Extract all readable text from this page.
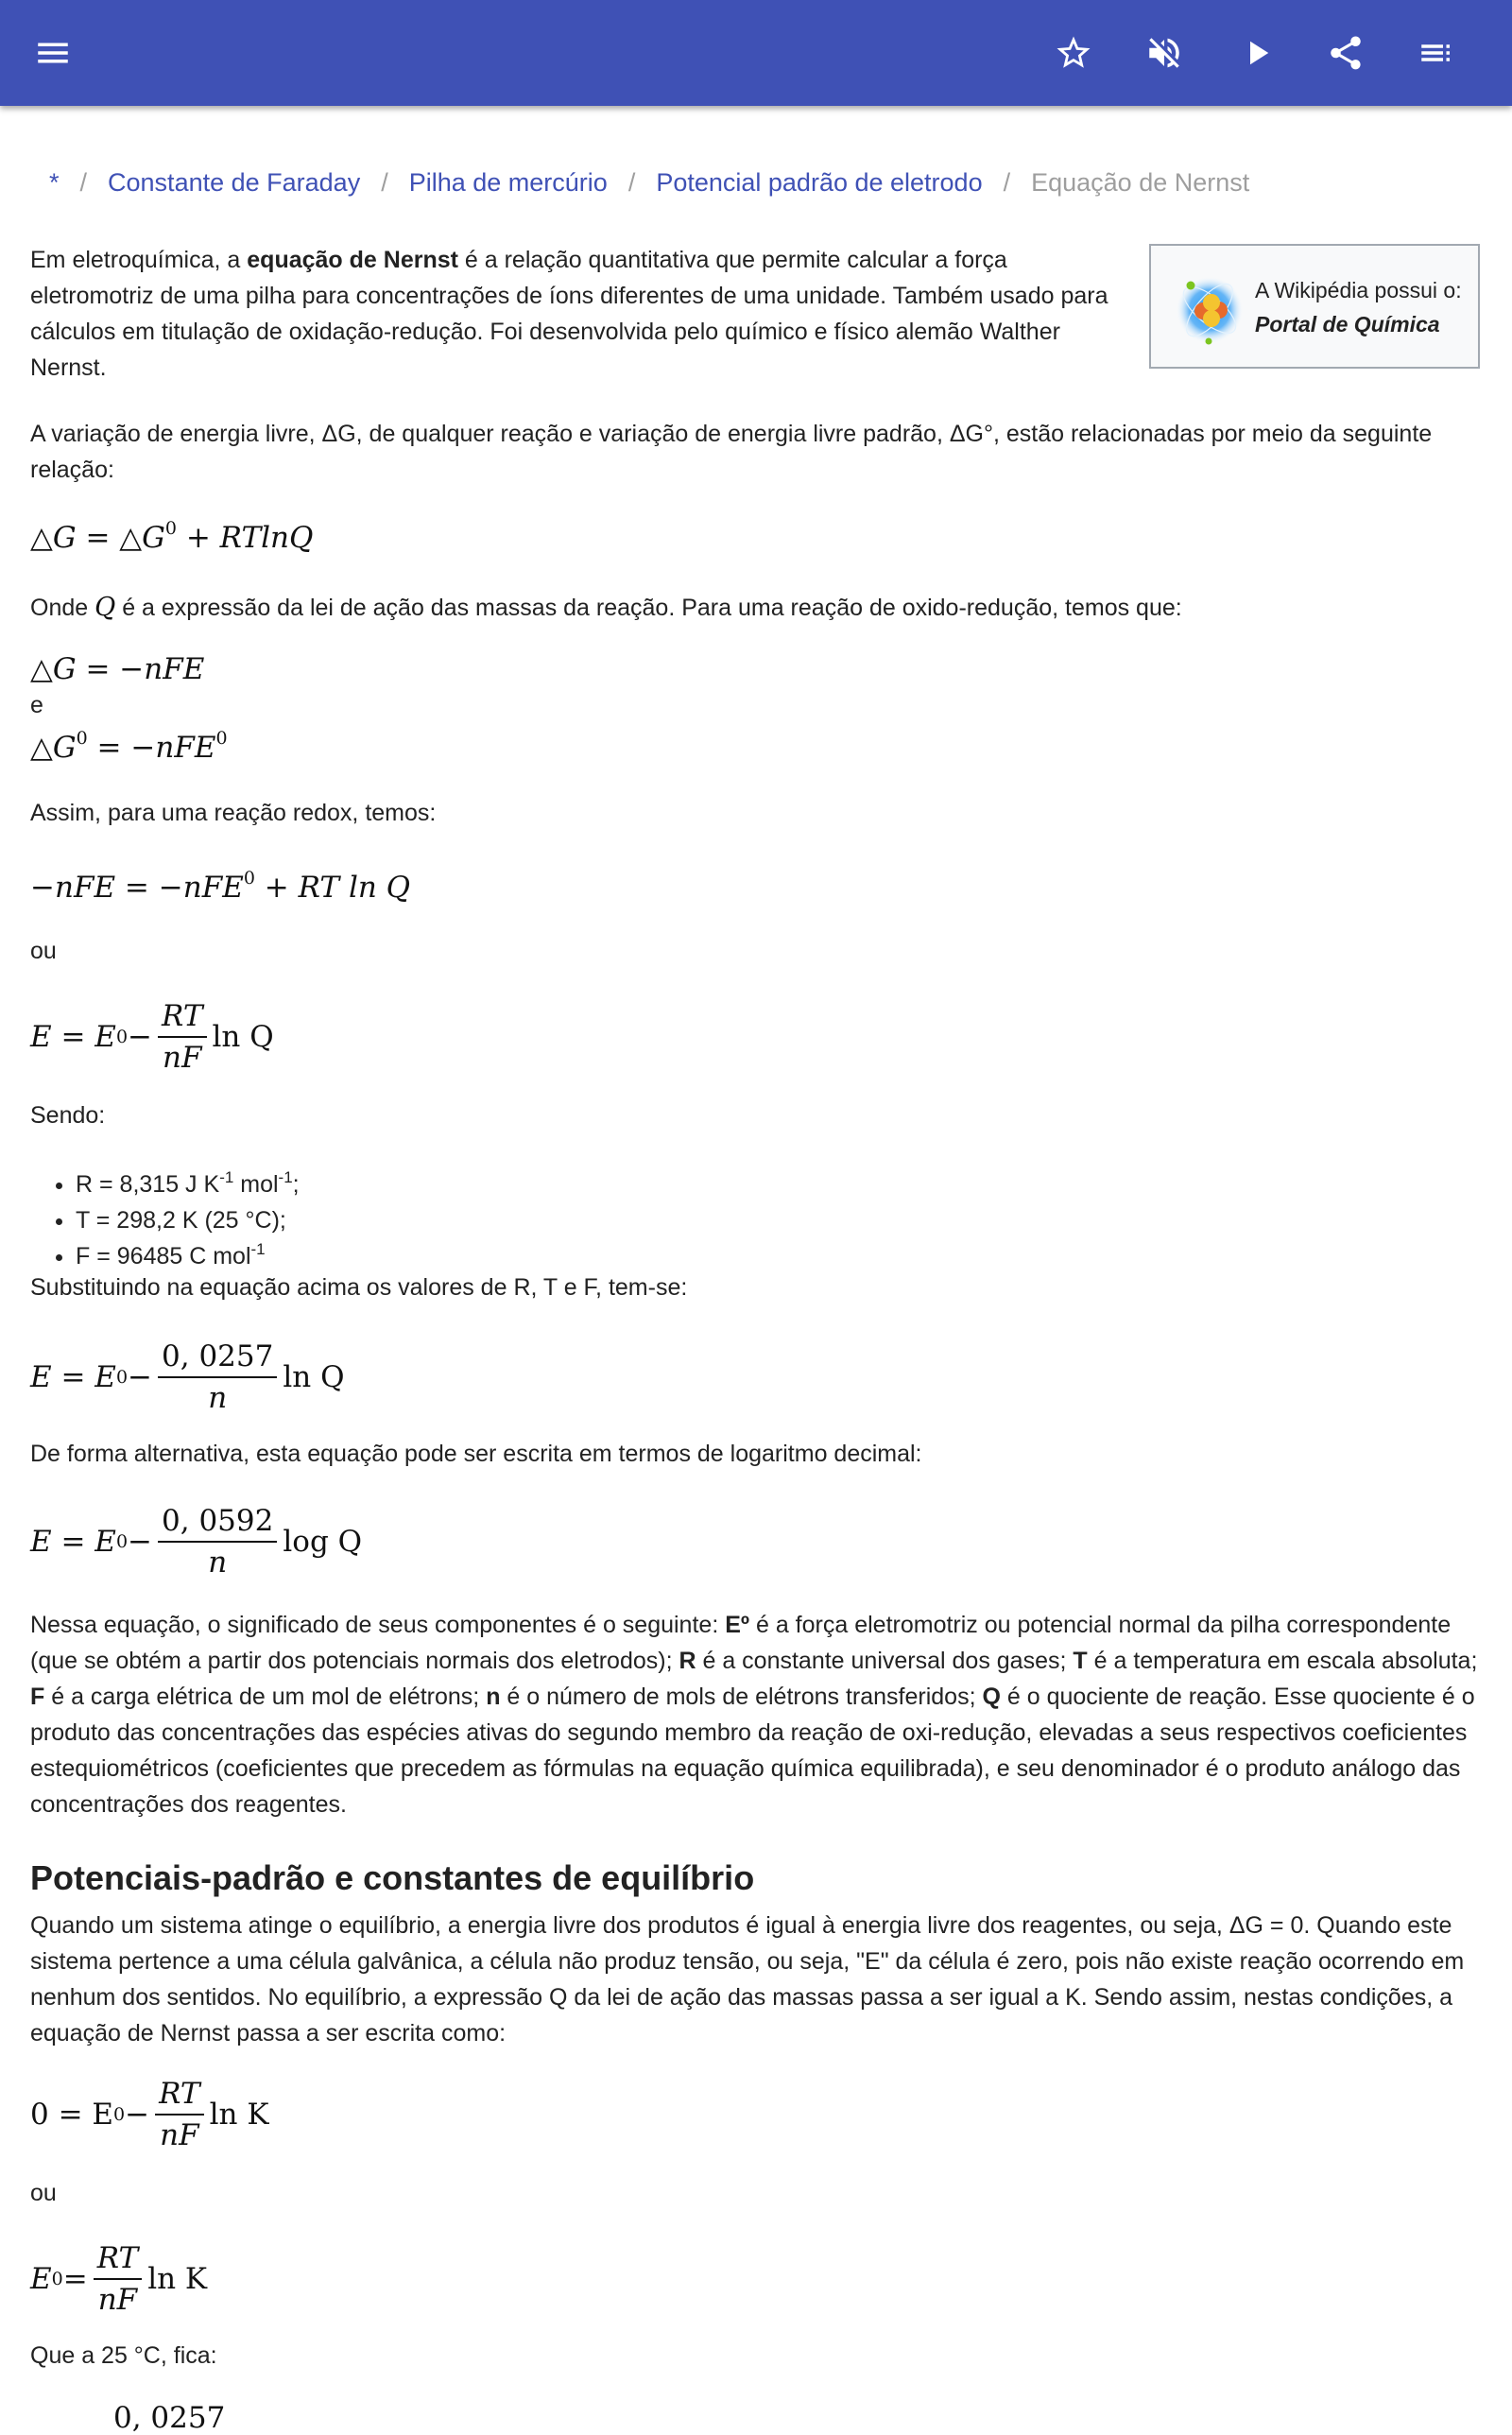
* / Constante de Faraday / Pilha de mercúrio / Potencial padrão de eletrodo / Equação de Nernst
A Wikipédia possui o:
Portal de Química

Em eletroquímica, a equação de Nernst é a relação quantitativa que permite calcular a força eletromotriz de uma pilha para concentrações de íons diferentes de uma unidade. Também usado para cálculos em titulação de oxidação-redução. Foi desenvolvida pelo químico e físico alemão Walther Nernst.

A variação de energia livre, ΔG, de qualquer reação e variação de energia livre padrão, ΔG°, estão relacionadas por meio da seguinte relação:

△G = $\triangle G^0 + RTlnQ$

Onde Q é a expressão da lei de ação das massas da reação. Para uma reação de oxido-redução, temos que:

△G = −nFE

e

$\triangle G^0 = -nFE^0$

Assim, para uma reação redox, temos:

−nFE = −nFE$^0$ + RT ln Q

ou

E = E $0 - \frac{RT}{nF}$ ln Q

Sendo:

• R = 8,315 J $K^{-1}$ mol$^{-1}$;
• T = 298,2 K (25 °C);
• F = 96485 C mol$^{-1}$

Substituindo na equação acima os valores de R, T e F, tem-se:

E = E $0 - \frac{0, 0257}{n}$ ln Q

De forma alternativa, esta equação pode ser escrita em termos de logaritmo decimal:

E = E $0 - \frac{0, 0592}{n}$ log Q

Nessa equação, o significado de seus componentes é o seguinte: Eº é a força eletromotriz ou potencial normal da pilha correspondente (que se obtém a partir dos potenciais normais dos eletrodos); R é a constante universal dos gases; T é a temperatura em escala absoluta; F é a carga elétrica de um mol de elétrons; n é o número de mols de elétrons transferidos; Q é o quociente de reação. Esse quociente é o produto das concentrações das espécies ativas do segundo membro da reação de oxi-redução, elevadas a seus respectivos coeficientes estequiométricos (coeficientes que precedem as fórmulas na equação química equilibrada), e seu denominador é o produto análogo das concentrações dos reagentes.

Potenciais-padrão e constantes de equilíbrio

Quando um sistema atinge o equilíbrio, a energia livre dos produtos é igual à energia livre dos reagentes, ou seja, ΔG = 0. Quando este sistema pertence a uma célula galvânica, a célula não produz tensão, ou seja, "E" da célula é zero, pois não existe reação ocorrendo em nenhum dos sentidos. No equilíbrio, a expressão Q da lei de ação das massas passa a ser igual a K. Sendo assim, nestas condições, a equação de Nernst passa a ser escrita como:

0 = E $0 - \frac{RT}{nF}$ ln K

ou

E $0 = \frac{RT}{nF}$ ln K

Que a 25 °C, fica:

0, 0257
